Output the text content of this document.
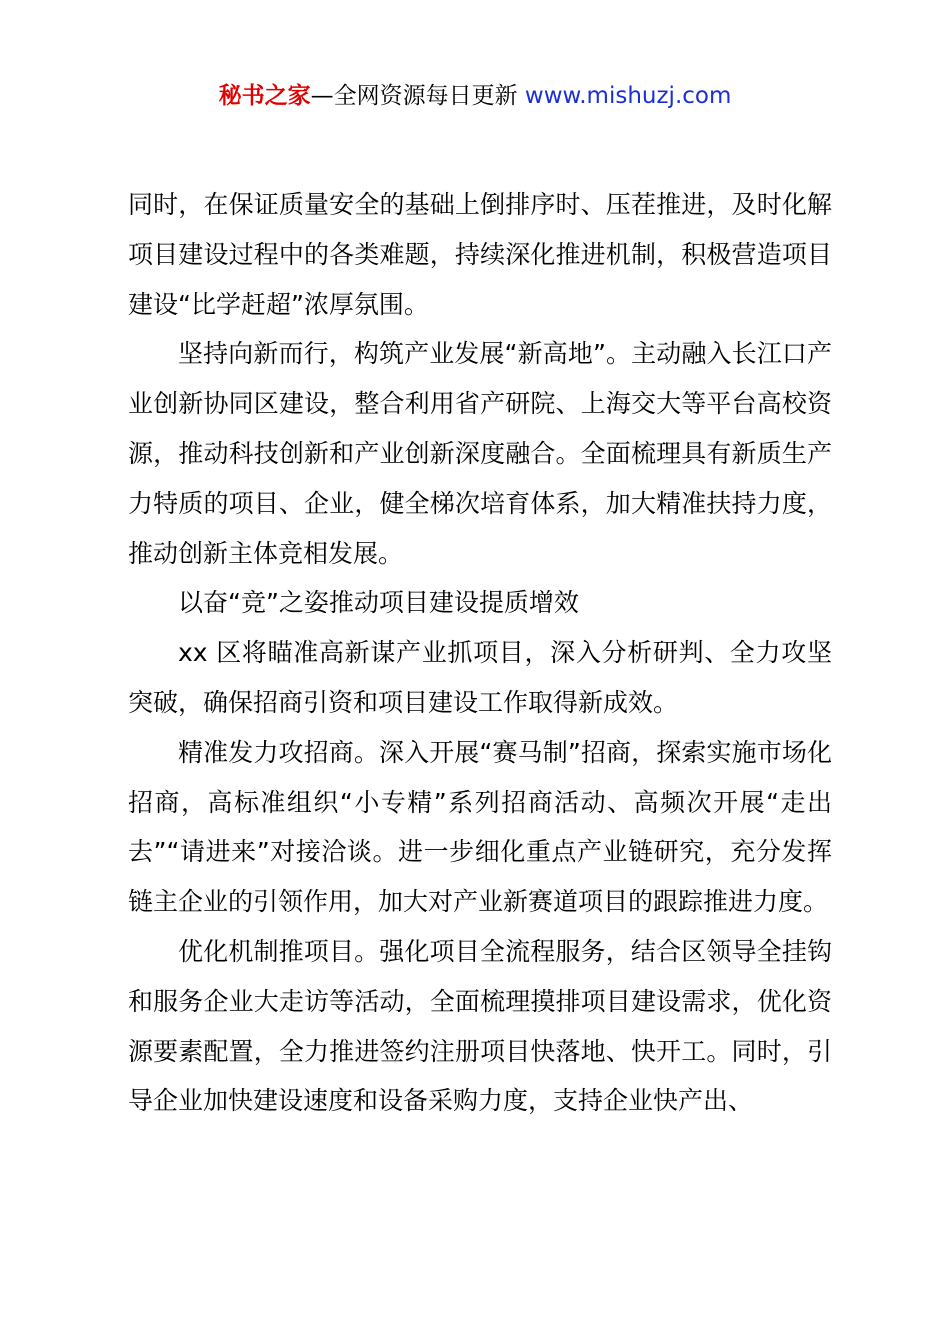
秘书之家—全网资源每日更新 www.mishuzj.com

同时，在保证质量安全的基础上倒排序时、压茬推进，及时化解项目建设过程中的各类难题，持续深化推进机制，积极营造项目建设“比学赶超”浓厚氛围。

坚持向新而行，构筑产业发展“新高地”。主动融入长江口产业创新协同区建设，整合利用省产研院、上海交大等平台高校资源，推动科技创新和产业创新深度融合。全面梳理具有新质生产力特质的项目、企业，健全梯次培育体系，加大精准扶持力度，推动创新主体竞相发展。

以奋“竞”之姿推动项目建设提质增效

xx 区将瞄准高新谋产业抓项目，深入分析研判、全力攻坚突破，确保招商引资和项目建设工作取得新成效。

精准发力攻招商。深入开展“赛马制”招商，探索实施市场化招商，高标准组织“小专精”系列招商活动、高频次开展“走出去”“请进来”对接洽谈。进一步细化重点产业链研究，充分发挥链主企业的引领作用，加大对产业新赛道项目的跟踪推进力度。

优化机制推项目。强化项目全流程服务，结合区领导全挂钩和服务企业大走访等活动，全面梳理摸排项目建设需求，优化资源要素配置，全力推进签约注册项目快落地、快开工。同时，引导企业加快建设速度和设备采购力度，支持企业快产出、
